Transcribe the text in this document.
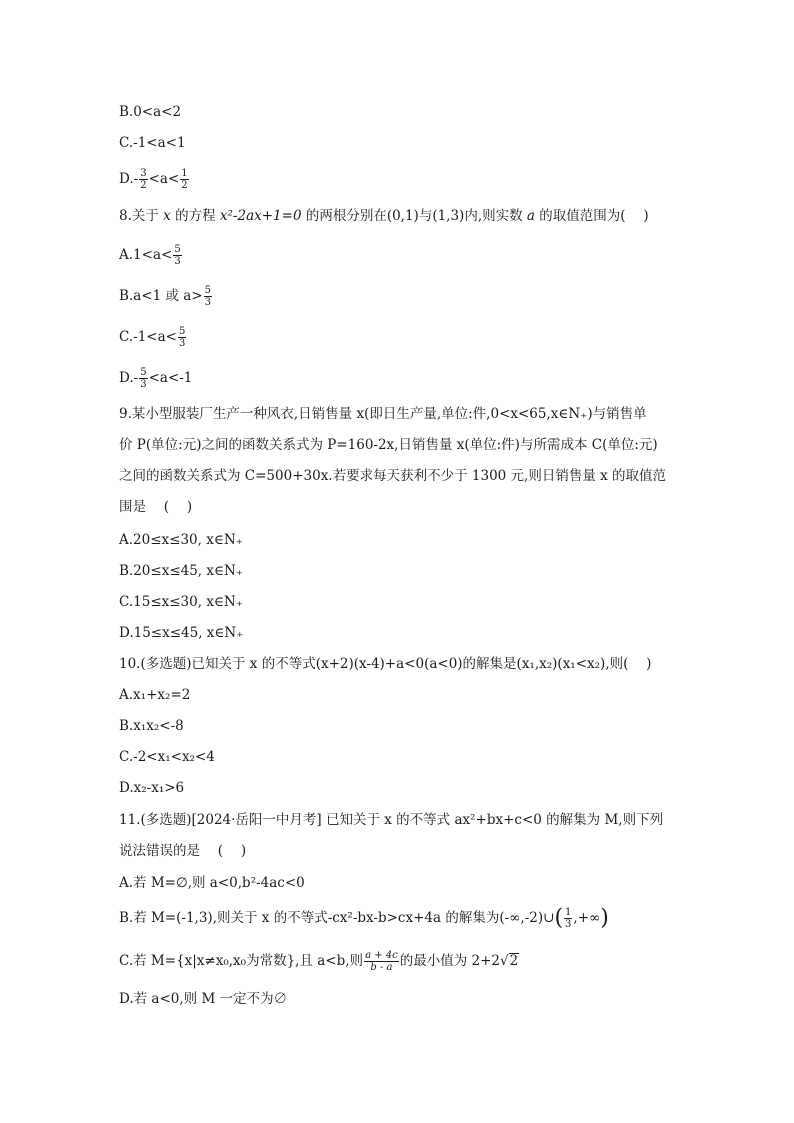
B.0<a<2
C.-1<a<1
$D.- \frac{3}{2} <a< \frac{1}{2}$
8.关于 x 的方程 x²-2ax+1=0 的两根分别在(0,1)与(1,3)内,则实数 a 的取值范围为(　 )
$A.1<a< \frac{5}{3}$
B.a<1 或 $a> \frac{5}{3}$
$C.-1<a< \frac{5}{3}$
$D.- \frac{5}{3} <a<-1$
9.某小型服装厂生产一种风衣,日销售量 x(即日生产量,单位:件,0<x<65,x∈N₊)与销售单
价 P(单位:元)之间的函数关系式为 P=160-2x,日销售量 x(单位:件)与所需成本 C(单位:元)
之间的函数关系式为 C=500+30x.若要求每天获利不少于 1300 元,则日销售量 x 的取值范
围是　 (　 )
A.20≤x≤30, x∈N₊
B.20≤x≤45, x∈N₊
C.15≤x≤30, x∈N₊
D.15≤x≤45, x∈N₊
10.(多选题)已知关于 x 的不等式(x+2)(x-4)+a<0(a<0)的解集是(x₁,x₂)(x₁<x₂),则(　 )
A.x₁+x₂=2
B.x₁x₂<-8
C.-2<x₁<x₂<4
D.x₂-x₁>6
11.(多选题)[2024·岳阳一中月考] 已知关于 x 的不等式 ax²+bx+c<0 的解集为 M,则下列
说法错误的是　 (　 )
A.若 M=∅,则 a<0,b²-4ac<0
B.若 M=(-1,3),则关于 x 的不等式-cx²-bx-b>cx+4a 的解集为(-∞,-2)∪( $\frac{1}{3}$ ,+∞)
C.若 M={x|x≠x₀,x₀为常数},且 a<b,则 $\frac{a + 4c}{b - a}$ 的最小值为 2+2√2
D.若 a<0,则 M 一定不为∅
